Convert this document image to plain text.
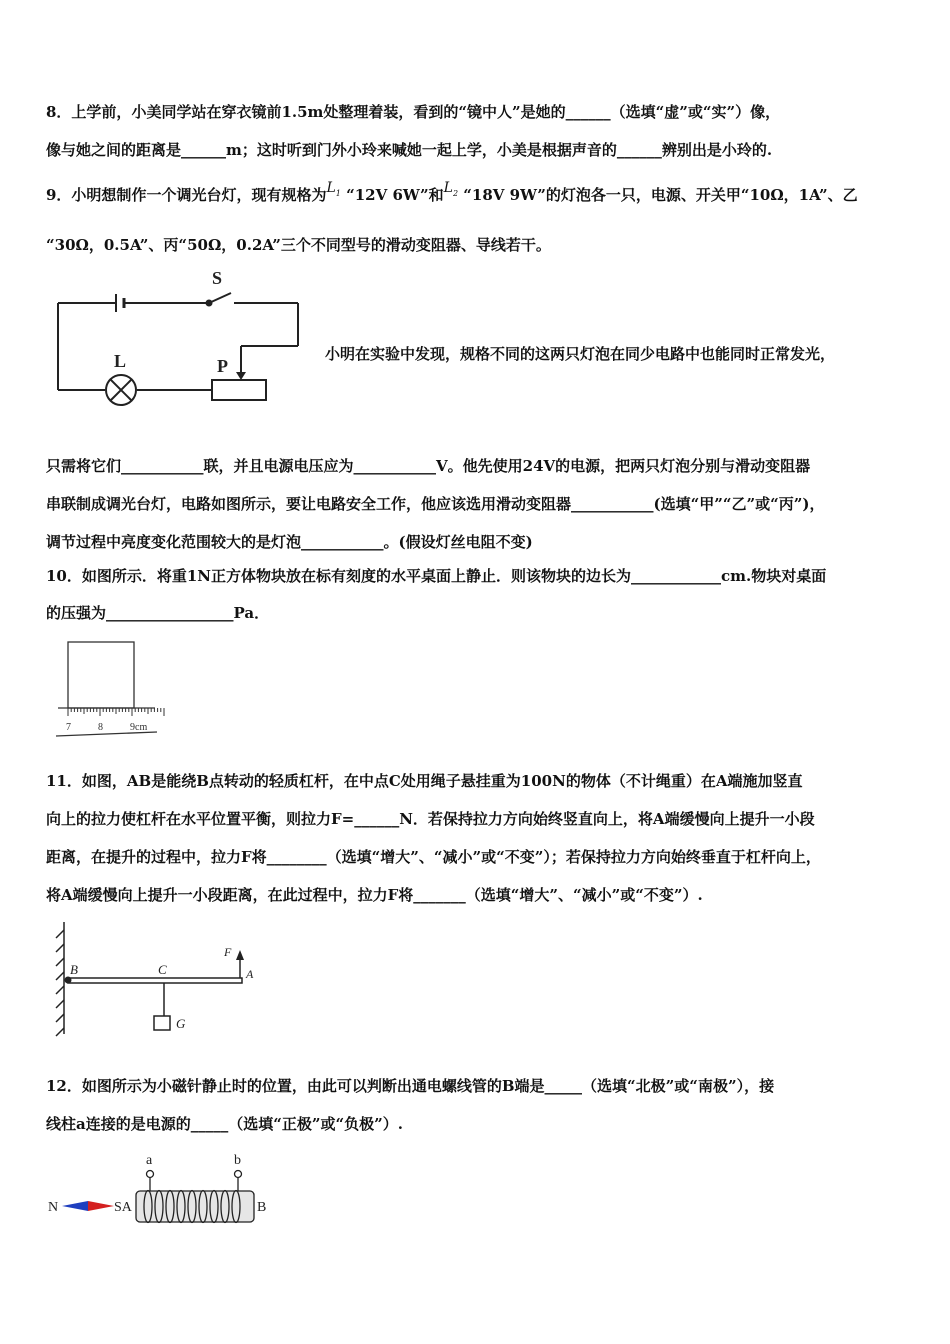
8．上学前，小美同学站在穿衣镜前1.5m处整理着装，看到的“镜中人”是她的______（选填“虚”或“实”）像，
像与她之间的距离是______m；这时听到门外小玲来喊她一起上学，小美是根据声音的______辨别出是小玲的.
9．小明想制作一个调光台灯，现有规格为$L_1$ “12V 6W”和$L_2$ “18V 9W”的灯泡各一只，电源、开关甲“10Ω，1A”、乙
“30Ω，0.5A”、丙“50Ω，0.2A”三个不同型号的滑动变阻器、导线若干。
S
L	P
小明在实验中发现，规格不同的这两只灯泡在同少电路中也能同时正常发光，
只需将它们___________联，并且电源电压应为___________V。他先使用24V的电源，把两只灯泡分别与滑动变阻器
串联制成调光台灯，电路如图所示，要让电路安全工作，他应该选用滑动变阻器___________(选填“甲”“乙”或“丙”)，
调节过程中亮度变化范围较大的是灯泡___________。(假设灯丝电阻不变)
10．如图所示．将重1N正方体物块放在标有刻度的水平桌面上静止．则该物块的边长为____________cm.物块对桌面
的压强为_________________Pa．
7	8	9cm
11．如图，AB是能绕B点转动的轻质杠杆，在中点C处用绳子悬挂重为100N的物体（不计绳重）在A端施加竖直
向上的拉力使杠杆在水平位置平衡，则拉力F=______N．若保持拉力方向始终竖直向上，将A端缓慢向上提升一小段
距离，在提升的过程中，拉力F将________（选填“增大”、“减小”或“不变”）；若保持拉力方向始终垂直于杠杆向上，
将A端缓慢向上提升一小段距离，在此过程中，拉力F将_______（选填“增大”、“减小”或“不变”）.
B	C
F
A
G
12．如图所示为小磁针静止时的位置，由此可以判断出通电螺线管的B端是_____（选填“北极”或“南极”），接
线柱a连接的是电源的_____（选填“正极”或“负极”）.
N	SA
a	b
B
